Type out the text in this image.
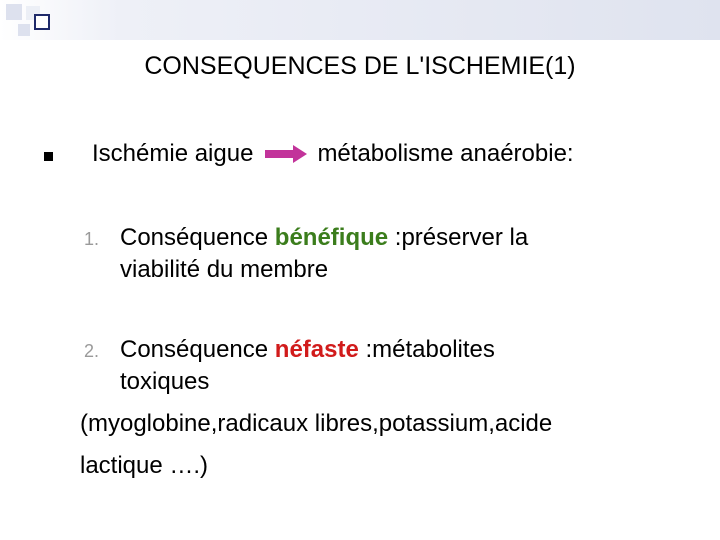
CONSEQUENCES DE L'ISCHEMIE(1)
Ischémie aigue	métabolisme anaérobie:
1. Conséquence bénéfique :préserver la
viabilité du membre
2. Conséquence néfaste :métabolites
toxiques
(myoglobine,radicaux libres,potassium,acide
lactique ….)
